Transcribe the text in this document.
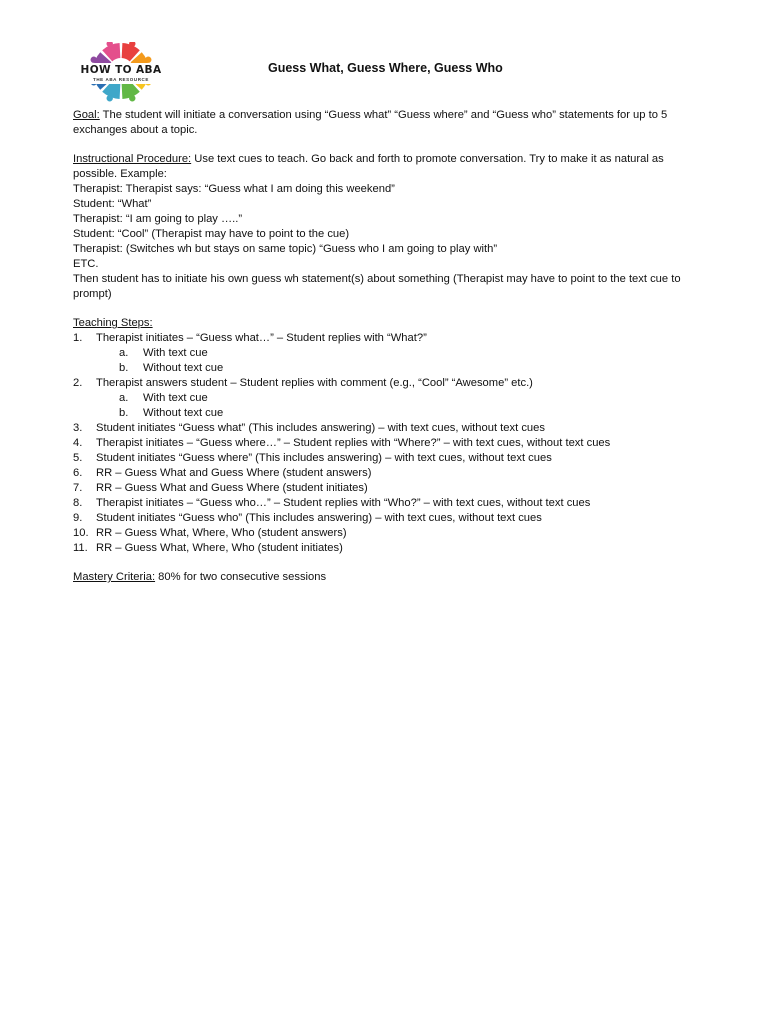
HOW TO ABA
THE ABA RESOURCE
Guess What, Guess Where, Guess Who

Goal: The student will initiate a conversation using “Guess what” “Guess where” and “Guess who” statements for up to 5 exchanges about a topic.

Instructional Procedure: Use text cues to teach. Go back and forth to promote conversation. Try to make it as natural as possible. Example:

Therapist: Therapist says: “Guess what I am doing this weekend”

Student: “What”

Therapist: “I am going to play …..”

Student: “Cool” (Therapist may have to point to the cue)

Therapist: (Switches wh but stays on same topic) “Guess who I am going to play with”

ETC.

Then student has to initiate his own guess wh statement(s) about something (Therapist may have to point to the text cue to prompt)

Teaching Steps:

1. Therapist initiates – “Guess what…” – Student replies with “What?”
a. With text cue
b. Without text cue
2. Therapist answers student – Student replies with comment (e.g., “Cool” “Awesome” etc.)
a. With text cue
b. Without text cue
3. Student initiates “Guess what” (This includes answering) – with text cues, without text cues
4. Therapist initiates – “Guess where…” – Student replies with “Where?” – with text cues, without text cues
5. Student initiates “Guess where” (This includes answering) – with text cues, without text cues
6. RR – Guess What and Guess Where (student answers)
7. RR – Guess What and Guess Where (student initiates)
8. Therapist initiates – “Guess who…” – Student replies with “Who?” – with text cues, without text cues
9. Student initiates “Guess who” (This includes answering) – with text cues, without text cues
10. RR – Guess What, Where, Who (student answers)
11. RR – Guess What, Where, Who (student initiates)

Mastery Criteria: 80% for two consecutive sessions
